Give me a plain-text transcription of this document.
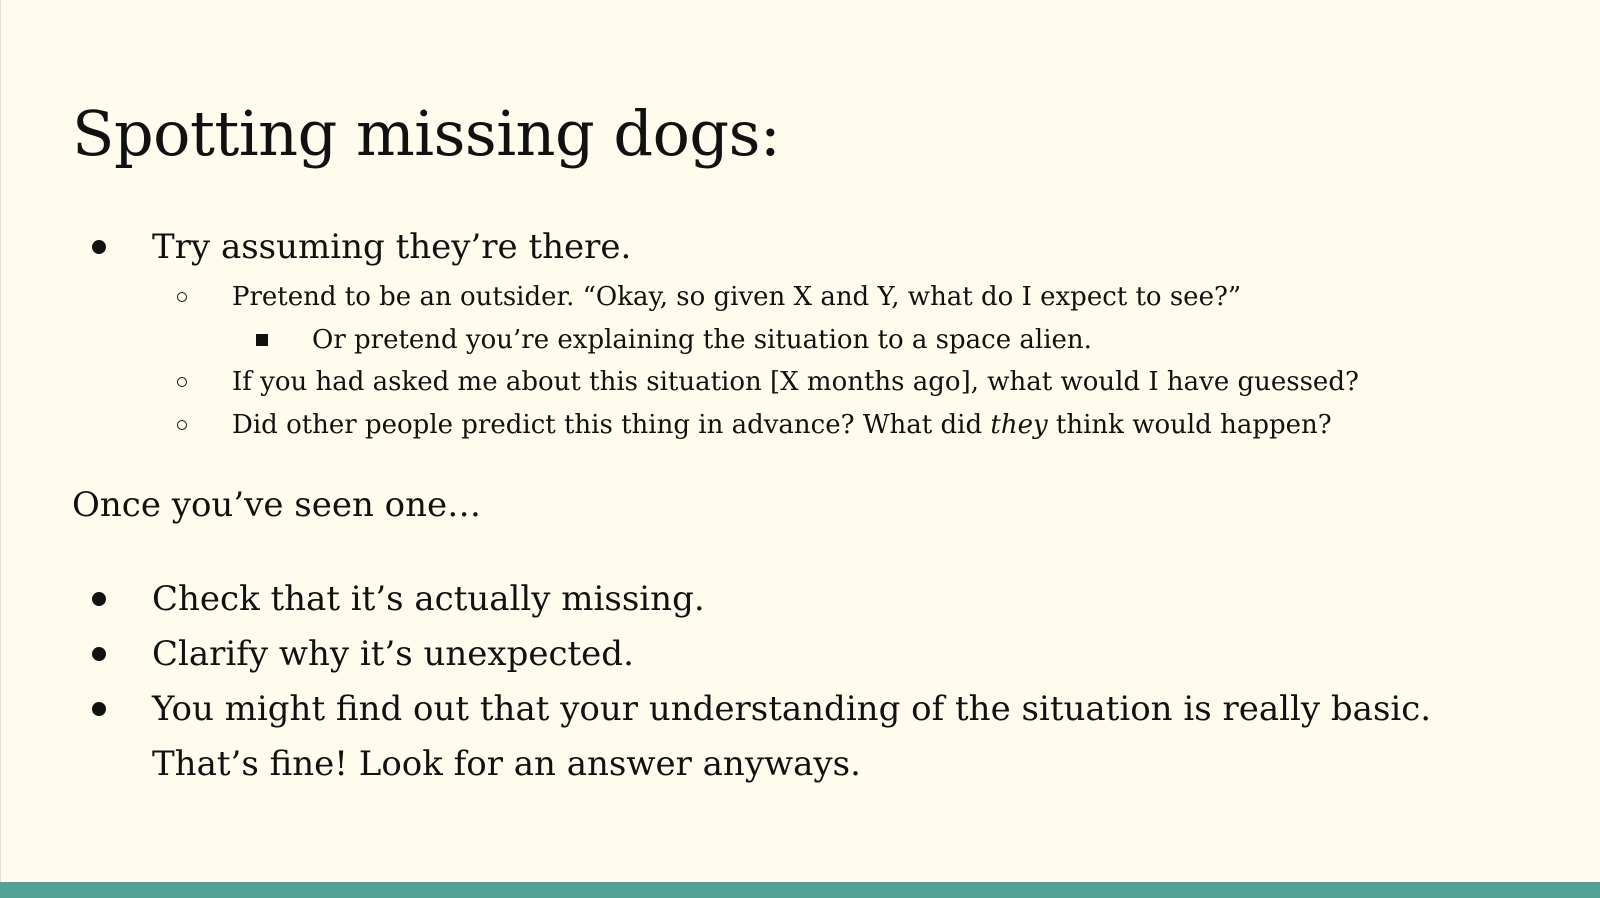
Spotting missing dogs:
Try assuming they’re there.
Pretend to be an outsider. “Okay, so given X and Y, what do I expect to see?”
Or pretend you’re explaining the situation to a space alien.
If you had asked me about this situation [X months ago], what would I have guessed?
Did other people predict this thing in advance? What did they think would happen?
Once you’ve seen one…
Check that it’s actually missing.
Clarify why it’s unexpected.
You might find out that your understanding of the situation is really basic.
That’s fine! Look for an answer anyways.
